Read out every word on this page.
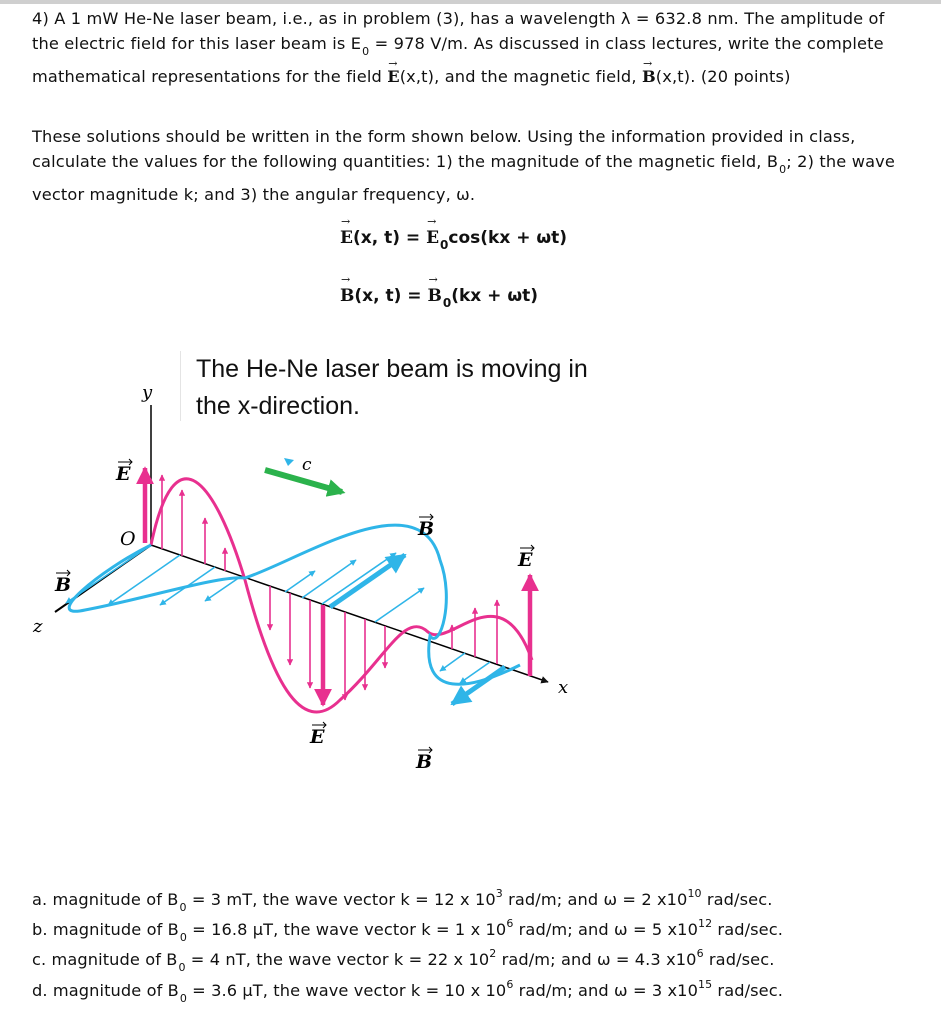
4) A 1 mW He-Ne laser beam, i.e., as in problem (3), has a wavelength λ = 632.8 nm. The amplitude of the electric field for this laser beam is $E_0 = 978$ V/m. As discussed in class lectures, write the complete mathematical representations for the field → E(x,t), and the magnetic field, → B(x,t). (20 points)
These solutions should be written in the form shown below. Using the information provided in class, calculate the values for the following quantities: 1) the magnitude of the magnetic field, $B_0$; 2) the wave vector magnitude k; and 3) the angular frequency, ω.
→ E(x, t) = → $E_0\cos(kx + \omega t)$
→ B(x, t) = → $B_0(kx + \omega t)$
The He-Ne laser beam is moving in the x-direction.
y
z
x
O
c
E
B
B
E
E
B
a. magnitude of $B_0 = 3$ mT, the wave vector k = 12 x $10^3$ rad/m; and ω = 2 $x10^{10}$ rad/sec.
b. magnitude of $B_0 = 16.8$ μT, the wave vector k = 1 x $10^6$ rad/m; and ω = 5 $x10^{12}$ rad/sec.
c. magnitude of $B_0 = 4$ nT, the wave vector k = 22 x $10^2$ rad/m; and ω = 4.3 $x10^6$ rad/sec.
d. magnitude of $B_0 = 3.6$ μT, the wave vector k = 10 x $10^6$ rad/m; and ω = 3 $x10^{15}$ rad/sec.
